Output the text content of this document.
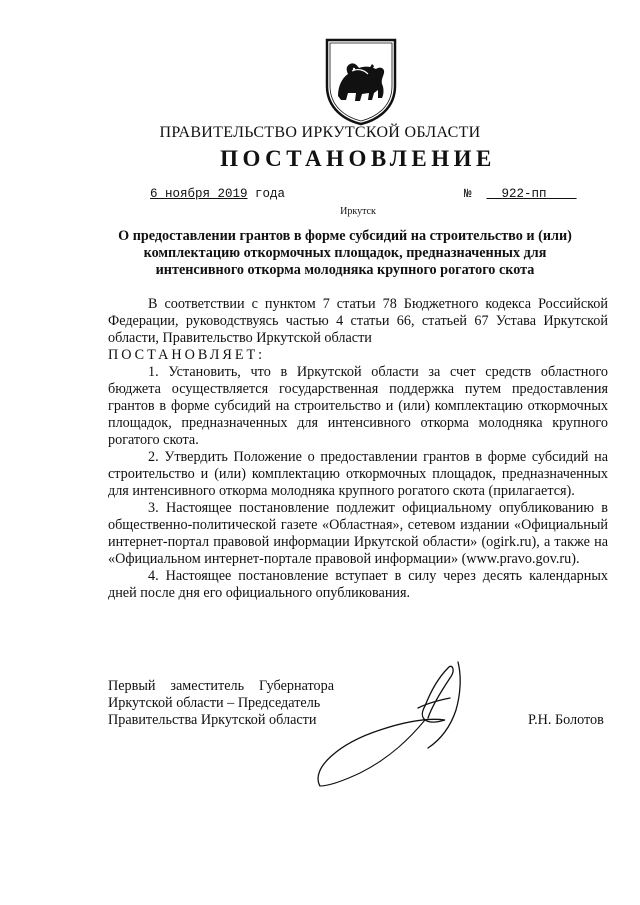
ПРАВИТЕЛЬСТВО ИРКУТСКОЙ ОБЛАСТИ
ПОСТАНОВЛЕНИЕ
6 ноября 2019 года	№ 922-пп
Иркутск
О предоставлении грантов в форме субсидий на строительство и (или)
комплектацию откормочных площадок, предназначенных для
интенсивного откорма молодняка крупного рогатого скота

В соответствии с пунктом 7 статьи 78 Бюджетного кодекса Российской Федерации, руководствуясь частью 4 статьи 66, статьей 67 Устава Иркутской области, Правительство Иркутской области

ПОСТАНОВЛЯЕТ:

1. Установить, что в Иркутской области за счет средств областного бюджета осуществляется государственная поддержка путем предоставления грантов в форме субсидий на строительство и (или) комплектацию откормочных площадок, предназначенных для интенсивного откорма молодняка крупного рогатого скота.

2. Утвердить Положение о предоставлении грантов в форме субсидий на строительство и (или) комплектацию откормочных площадок, предназначенных для интенсивного откорма молодняка крупного рогатого скота (прилагается).

3. Настоящее постановление подлежит официальному опубликованию в общественно-политической газете «Областная», сетевом издании «Официальный интернет-портал правовой информации Иркутской области» (ogirk.ru), а также на «Официальном интернет-портале правовой информации» (www.pravo.gov.ru).

4. Настоящее постановление вступает в силу через десять календарных дней после дня его официального опубликования.

Первый заместитель Губернатора
Иркутской области – Председатель
Правительства Иркутской области	Р.Н. Болотов
